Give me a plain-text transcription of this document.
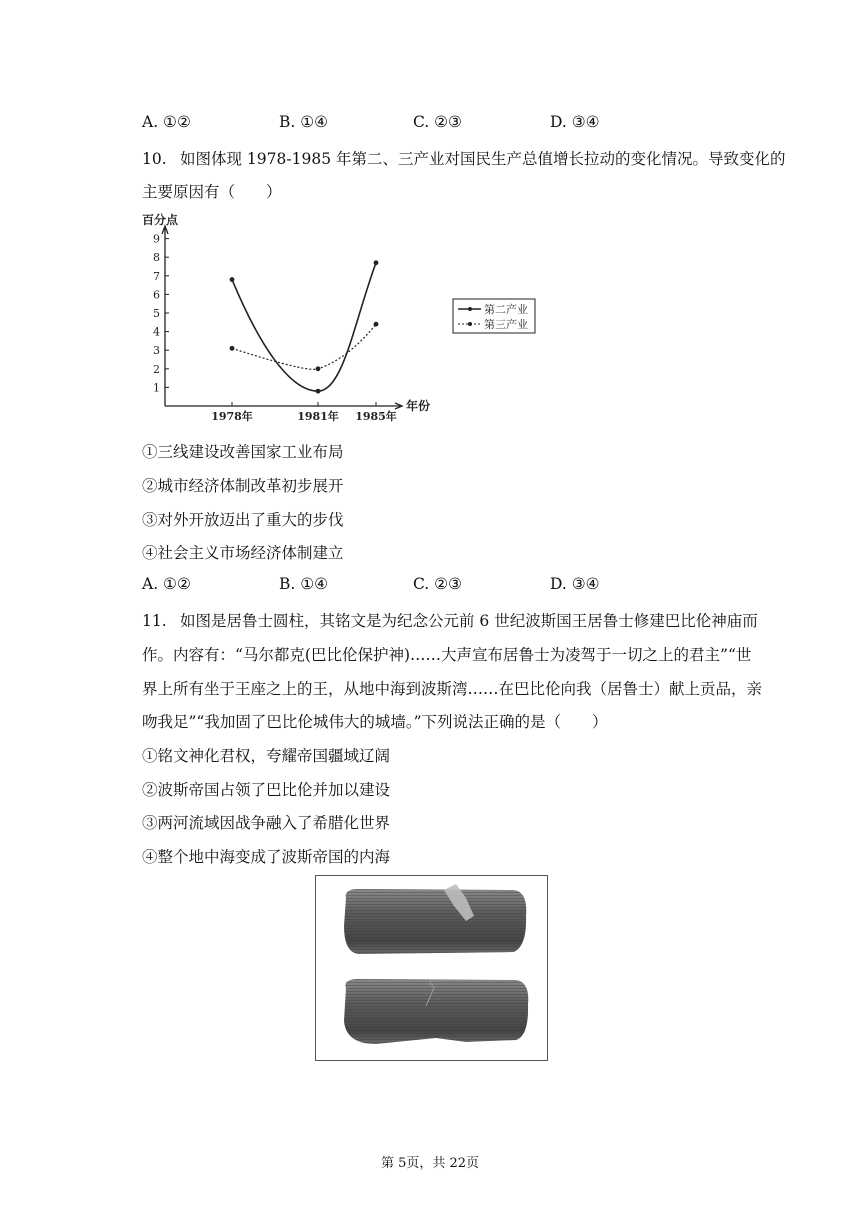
A. ①②	B. ①④	C. ②③	D. ③④
10. 如图体现 1978-1985 年第二、三产业对国民生产总值增长拉动的变化情况。导致变化的
主要原因有（　　）
百分点
年份
1
2
3
4
5
6
7
8
9
1978年	1981年 1985年
第二产业
第三产业
①三线建设改善国家工业布局
②城市经济体制改革初步展开
③对外开放迈出了重大的步伐
④社会主义市场经济体制建立
A. ①②	B. ①④	C. ②③	D. ③④
11. 如图是居鲁士圆柱，其铭文是为纪念公元前 6 世纪波斯国王居鲁士修建巴比伦神庙而
作。内容有：“马尔都克(巴比伦保护神)……大声宣布居鲁士为凌驾于一切之上的君主”“世
界上所有坐于王座之上的王，从地中海到波斯湾……在巴比伦向我（居鲁士）献上贡品，亲
吻我足”“我加固了巴比伦城伟大的城墙。”下列说法正确的是（　　）
①铭文神化君权，夸耀帝国疆域辽阔
②波斯帝国占领了巴比伦并加以建设
③两河流域因战争融入了希腊化世界
④整个地中海变成了波斯帝国的内海
第 5页，共 22页
